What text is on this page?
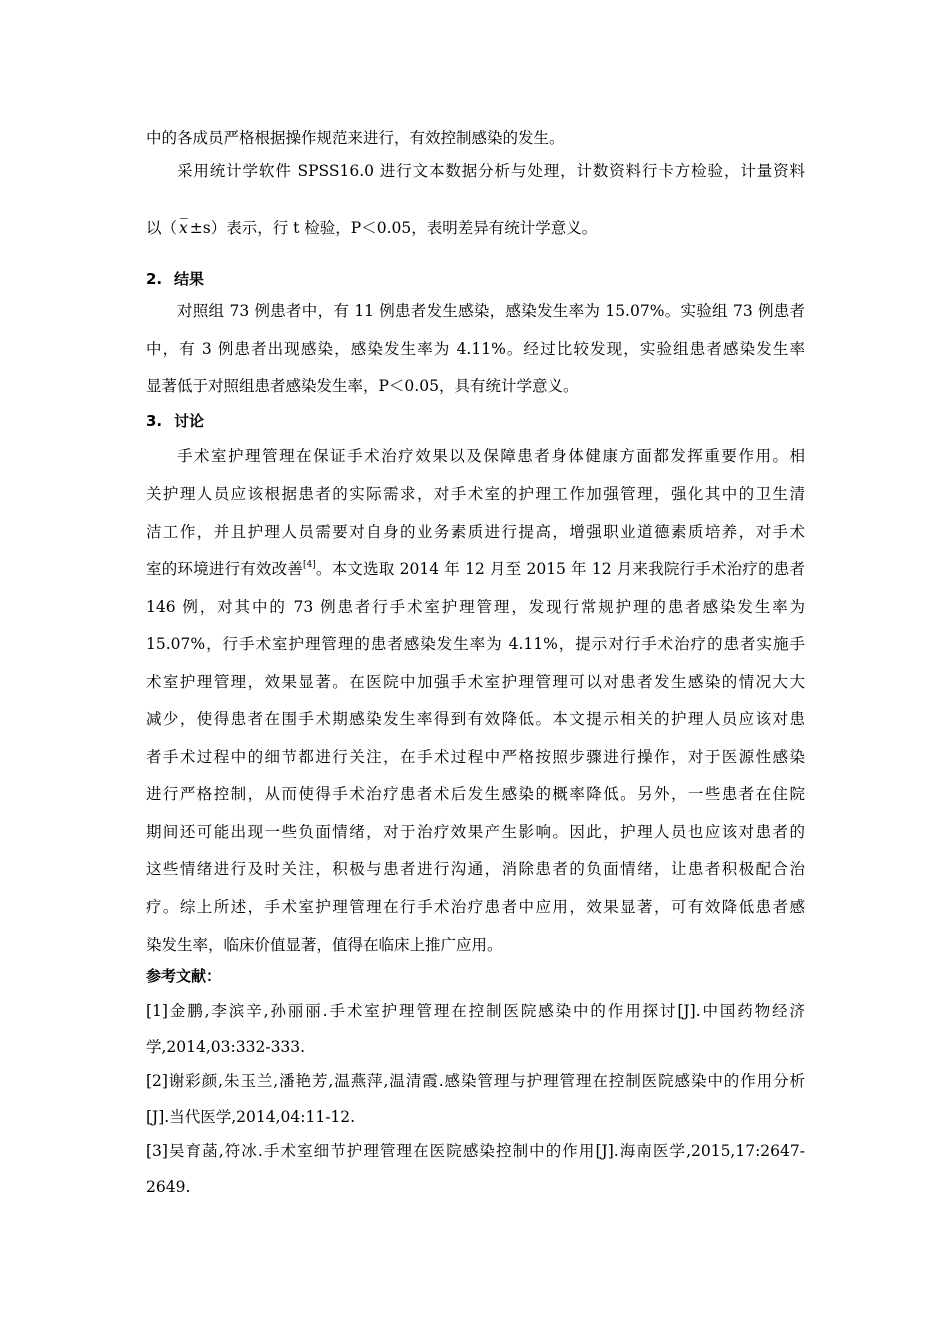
中的各成员严格根据操作规范来进行，有效控制感染的发生。
采用统计学软件 SPSS16.0 进行文本数据分析与处理，计数资料行卡方检验，计量资料
以（
_
x ±s）表示，行 t 检验，P＜0.05，表明差异有统计学意义。
2. 结果
对照组 73 例患者中，有 11 例患者发生感染，感染发生率为 15.07%。实验组 73 例患者
中，有 3 例患者出现感染，感染发生率为 4.11%。经过比较发现，实验组患者感染发生率
显著低于对照组患者感染发生率，P＜0.05，具有统计学意义。
3. 讨论
手术室护理管理在保证手术治疗效果以及保障患者身体健康方面都发挥重要作用。相
关护理人员应该根据患者的实际需求，对手术室的护理工作加强管理，强化其中的卫生清
洁工作，并且护理人员需要对自身的业务素质进行提高，增强职业道德素质培养，对手术
室的环境进行有效改善[4]。本文选取 2014 年 12 月至 2015 年 12 月来我院行手术治疗的患者
146 例，对其中的 73 例患者行手术室护理管理，发现行常规护理的患者感染发生率为
15.07%，行手术室护理管理的患者感染发生率为 4.11%，提示对行手术治疗的患者实施手
术室护理管理，效果显著。在医院中加强手术室护理管理可以对患者发生感染的情况大大
减少，使得患者在围手术期感染发生率得到有效降低。本文提示相关的护理人员应该对患
者手术过程中的细节都进行关注，在手术过程中严格按照步骤进行操作，对于医源性感染
进行严格控制，从而使得手术治疗患者术后发生感染的概率降低。另外，一些患者在住院
期间还可能出现一些负面情绪，对于治疗效果产生影响。因此，护理人员也应该对患者的
这些情绪进行及时关注，积极与患者进行沟通，消除患者的负面情绪，让患者积极配合治
疗。综上所述，手术室护理管理在行手术治疗患者中应用，效果显著，可有效降低患者感
染发生率，临床价值显著，值得在临床上推广应用。
参考文献：
[1]金鹏,李滨辛,孙丽丽.手术室护理管理在控制医院感染中的作用探讨[J].中国药物经济
学,2014,03:332-333.
[2]谢彩颜,朱玉兰,潘艳芳,温燕萍,温清霞.感染管理与护理管理在控制医院感染中的作用分析
[J].当代医学,2014,04:11-12.
[3]吴育菡,符冰.手术室细节护理管理在医院感染控制中的作用[J].海南医学,2015,17:2647-
2649.
